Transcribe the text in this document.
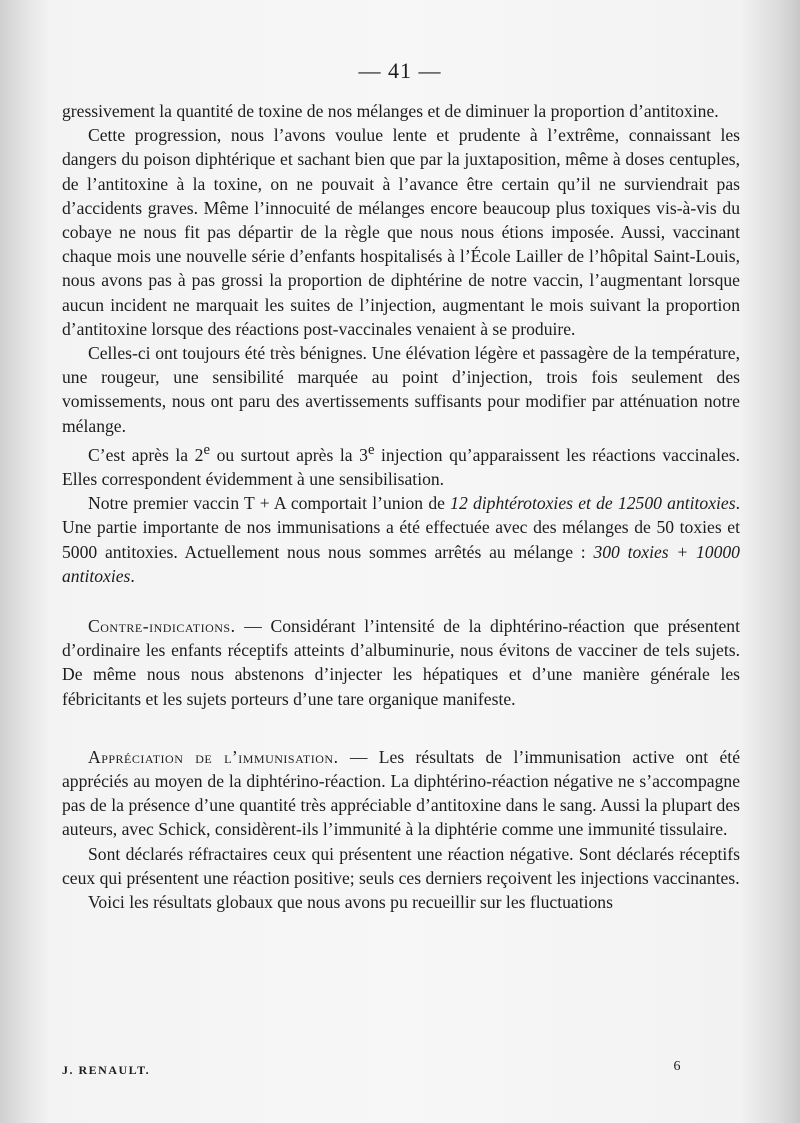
— 41 —

gressivement la quantité de toxine de nos mélanges et de diminuer la proportion d’antitoxine.

Cette progression, nous l’avons voulue lente et prudente à l’extrême, connaissant les dangers du poison diphtérique et sachant bien que par la juxtaposition, même à doses centuples, de l’antitoxine à la toxine, on ne pouvait à l’avance être certain qu’il ne surviendrait pas d’accidents graves. Même l’innocuité de mélanges encore beaucoup plus toxiques vis-à-vis du cobaye ne nous fit pas départir de la règle que nous nous étions imposée. Aussi, vaccinant chaque mois une nouvelle série d’enfants hospitalisés à l’École Lailler de l’hôpital Saint-Louis, nous avons pas à pas grossi la proportion de diphtérine de notre vaccin, l’augmentant lorsque aucun incident ne marquait les suites de l’injection, augmentant le mois suivant la proportion d’antitoxine lorsque des réactions post-vaccinales venaient à se produire.

Celles-ci ont toujours été très bénignes. Une élévation légère et passagère de la température, une rougeur, une sensibilité marquée au point d’injection, trois fois seulement des vomissements, nous ont paru des avertissements suffisants pour modifier par atténuation notre mélange.

C’est après la 2e ou surtout après la 3e injection qu’apparaissent les réactions vaccinales. Elles correspondent évidemment à une sensibilisation.

Notre premier vaccin T + A comportait l’union de 12 diphtérotoxies et de 12500 antitoxies. Une partie importante de nos immunisations a été effectuée avec des mélanges de 50 toxies et 5000 antitoxies. Actuellement nous nous sommes arrêtés au mélange : 300 toxies + 10000 antitoxies.

Contre-indications. — Considérant l’intensité de la diphtérino-réaction que présentent d’ordinaire les enfants réceptifs atteints d’albuminurie, nous évitons de vacciner de tels sujets. De même nous nous abstenons d’injecter les hépatiques et d’une manière générale les fébricitants et les sujets porteurs d’une tare organique manifeste.

Appréciation de l’immunisation. — Les résultats de l’immunisation active ont été appréciés au moyen de la diphtérino-réaction. La diphtérino-réaction négative ne s’accompagne pas de la présence d’une quantité très appréciable d’antitoxine dans le sang. Aussi la plupart des auteurs, avec Schick, considèrent-ils l’immunité à la diphtérie comme une immunité tissulaire.

Sont déclarés réfractaires ceux qui présentent une réaction négative. Sont déclarés réceptifs ceux qui présentent une réaction positive; seuls ces derniers reçoivent les injections vaccinantes.

Voici les résultats globaux que nous avons pu recueillir sur les fluctuations

J. RENAULT.	6
